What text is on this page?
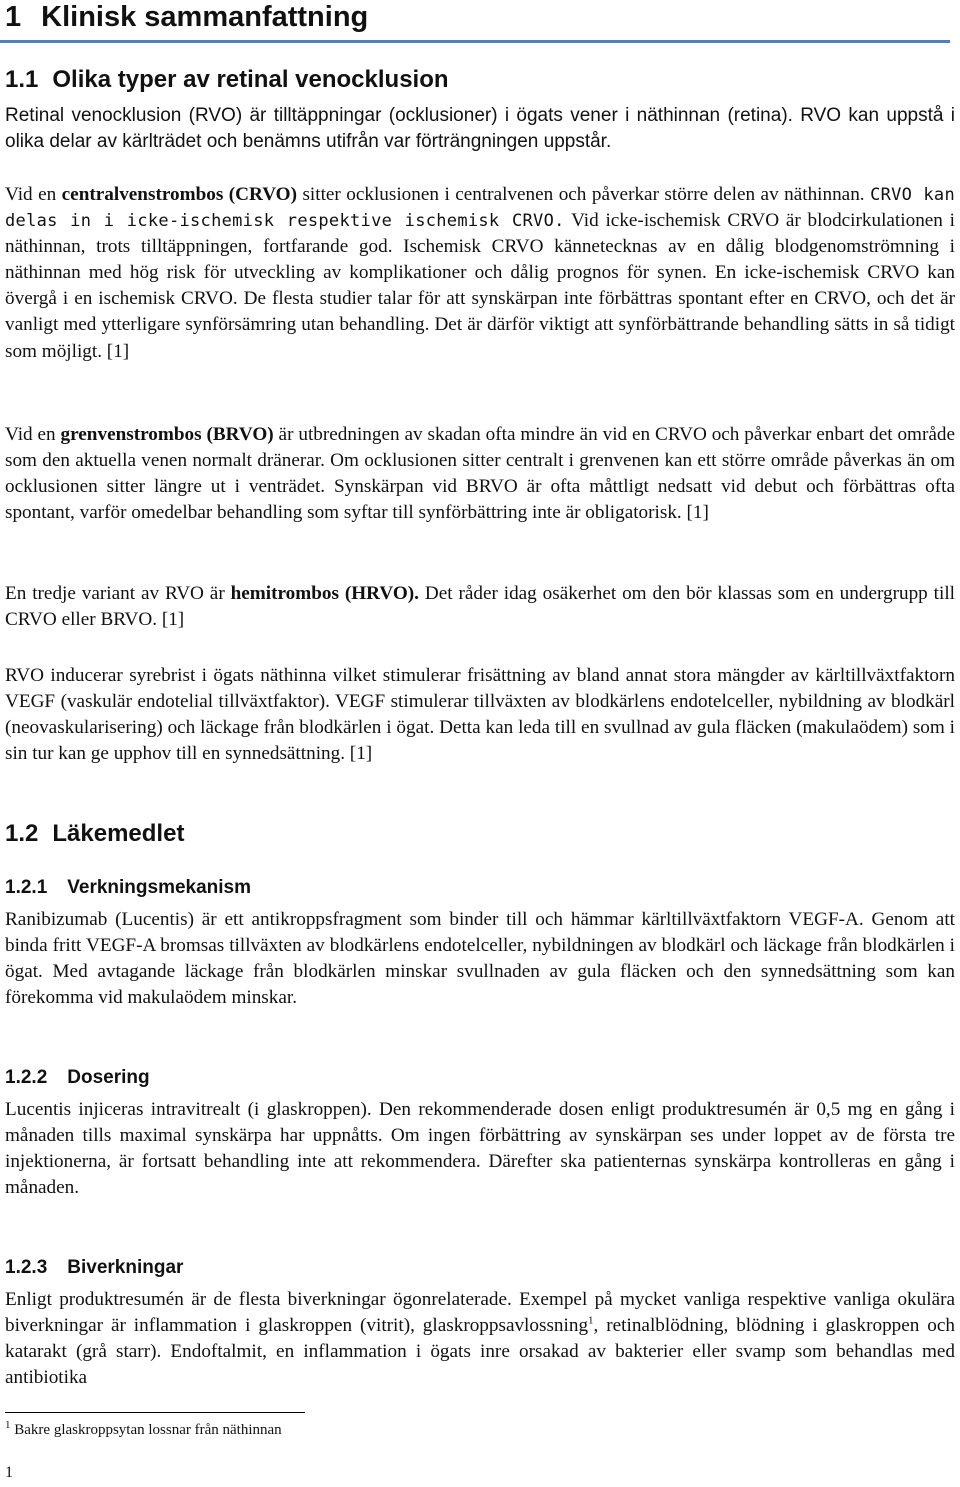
1 Klinisk sammanfattning
1.1 Olika typer av retinal venocklusion

Retinal venocklusion (RVO) är tilltäppningar (ocklusioner) i ögats vener i näthinnan (retina). RVO kan uppstå i olika delar av kärlträdet och benämns utifrån var förträngningen uppstår.

Vid en centralvenstrombos (CRVO) sitter ocklusionen i centralvenen och påverkar större delen av näthinnan. CRVO kan delas in i icke-ischemisk respektive ischemisk CRVO. Vid icke-ischemisk CRVO är blodcirkulationen i näthinnan, trots tilltäppningen, fortfarande god. Ischemisk CRVO kännetecknas av en dålig blodgenomströmning i näthinnan med hög risk för utveckling av komplikationer och dålig prognos för synen. En icke-ischemisk CRVO kan övergå i en ischemisk CRVO. De flesta studier talar för att synskärpan inte förbättras spontant efter en CRVO, och det är vanligt med ytterligare synförsämring utan behandling. Det är därför viktigt att synförbättrande behandling sätts in så tidigt som möjligt. [1]

Vid en grenvenstrombos (BRVO) är utbredningen av skadan ofta mindre än vid en CRVO och påverkar enbart det område som den aktuella venen normalt dränerar. Om ocklusionen sitter centralt i grenvenen kan ett större område påverkas än om ocklusionen sitter längre ut i venträdet. Synskärpan vid BRVO är ofta måttligt nedsatt vid debut och förbättras ofta spontant, varför omedelbar behandling som syftar till synförbättring inte är obligatorisk. [1]

En tredje variant av RVO är hemitrombos (HRVO). Det råder idag osäkerhet om den bör klassas som en undergrupp till CRVO eller BRVO. [1]

RVO inducerar syrebrist i ögats näthinna vilket stimulerar frisättning av bland annat stora mängder av kärltillväxtfaktorn VEGF (vaskulär endotelial tillväxtfaktor). VEGF stimulerar tillväxten av blodkärlens endotelceller, nybildning av blodkärl (neovaskularisering) och läckage från blodkärlen i ögat. Detta kan leda till en svullnad av gula fläcken (makulaödem) som i sin tur kan ge upphov till en synnedsättning. [1]

1.2 Läkemedlet
1.2.1 Verkningsmekanism

Ranibizumab (Lucentis) är ett antikroppsfragment som binder till och hämmar kärltillväxtfaktorn VEGF-A. Genom att binda fritt VEGF-A bromsas tillväxten av blodkärlens endotelceller, nybildningen av blodkärl och läckage från blodkärlen i ögat. Med avtagande läckage från blodkärlen minskar svullnaden av gula fläcken och den synnedsättning som kan förekomma vid makulaödem minskar.

1.2.2 Dosering

Lucentis injiceras intravitrealt (i glaskroppen). Den rekommenderade dosen enligt produktresumén är 0,5 mg en gång i månaden tills maximal synskärpa har uppnåtts. Om ingen förbättring av synskärpan ses under loppet av de första tre injektionerna, är fortsatt behandling inte att rekommendera. Därefter ska patienternas synskärpa kontrolleras en gång i månaden.

1.2.3 Biverkningar

Enligt produktresumén är de flesta biverkningar ögonrelaterade. Exempel på mycket vanliga respektive vanliga okulära biverkningar är inflammation i glaskroppen (vitrit), glaskroppsavlossning$^1$, retinalblödning, blödning i glaskroppen och katarakt (grå starr). Endoftalmit, en inflammation i ögats inre orsakad av bakterier eller svamp som behandlas med antibiotika

$^1$ Bakre glaskroppsytan lossnar från näthinnan
1
